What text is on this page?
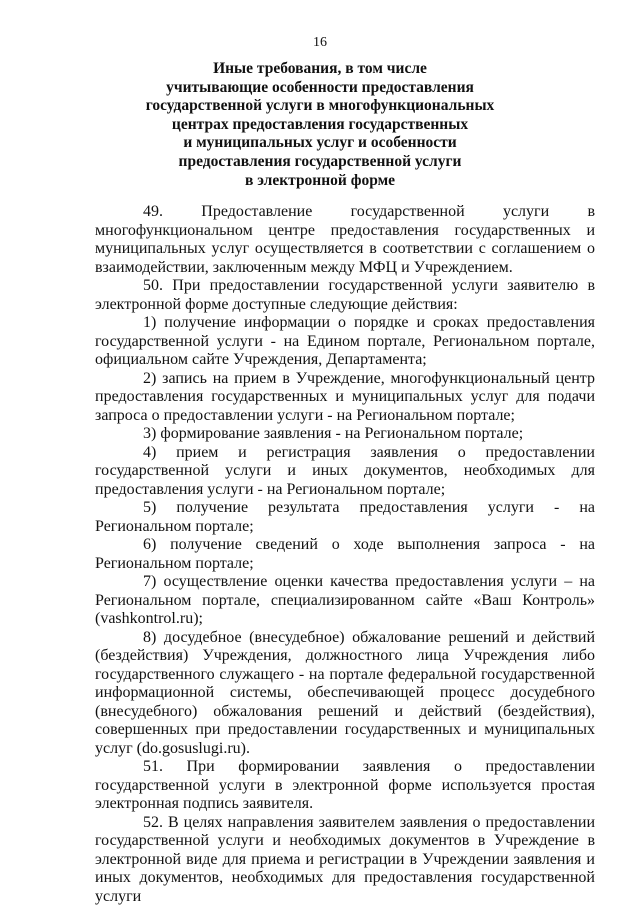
16
Иные требования, в том числе
учитывающие особенности предоставления
государственной услуги в многофункциональных
центрах предоставления государственных
и муниципальных услуг и особенности
предоставления государственной услуги
в электронной форме

49. Предоставление государственной услуги в многофункциональном центре предоставления государственных и муниципальных услуг осуществляется в соответствии с соглашением о взаимодействии, заключенным между МФЦ и Учреждением.

50. При предоставлении государственной услуги заявителю в электронной форме доступные следующие действия:

1) получение информации о порядке и сроках предоставления государственной услуги - на Едином портале, Региональном портале, официальном сайте Учреждения, Департамента;

2) запись на прием в Учреждение, многофункциональный центр предоставления государственных и муниципальных услуг для подачи запроса о предоставлении услуги - на Региональном портале;

3) формирование заявления - на Региональном портале;

4) прием и регистрация заявления о предоставлении государственной услуги и иных документов, необходимых для предоставления услуги - на Региональном портале;

5) получение результата предоставления услуги - на Региональном портале;

6) получение сведений о ходе выполнения запроса - на Региональном портале;

7) осуществление оценки качества предоставления услуги – на Региональном портале, специализированном сайте «Ваш Контроль» (vashkontrol.ru);

8) досудебное (внесудебное) обжалование решений и действий (бездействия) Учреждения, должностного лица Учреждения либо государственного служащего - на портале федеральной государственной информационной системы, обеспечивающей процесс досудебного (внесудебного) обжалования решений и действий (бездействия), совершенных при предоставлении государственных и муниципальных услуг (do.gosuslugi.ru).

51. При формировании заявления о предоставлении государственной услуги в электронной форме используется простая электронная подпись заявителя.

52. В целях направления заявителем заявления о предоставлении государственной услуги и необходимых документов в Учреждение в электронной виде для приема и регистрации в Учреждении заявления и иных документов, необходимых для предоставления государственной услуги
